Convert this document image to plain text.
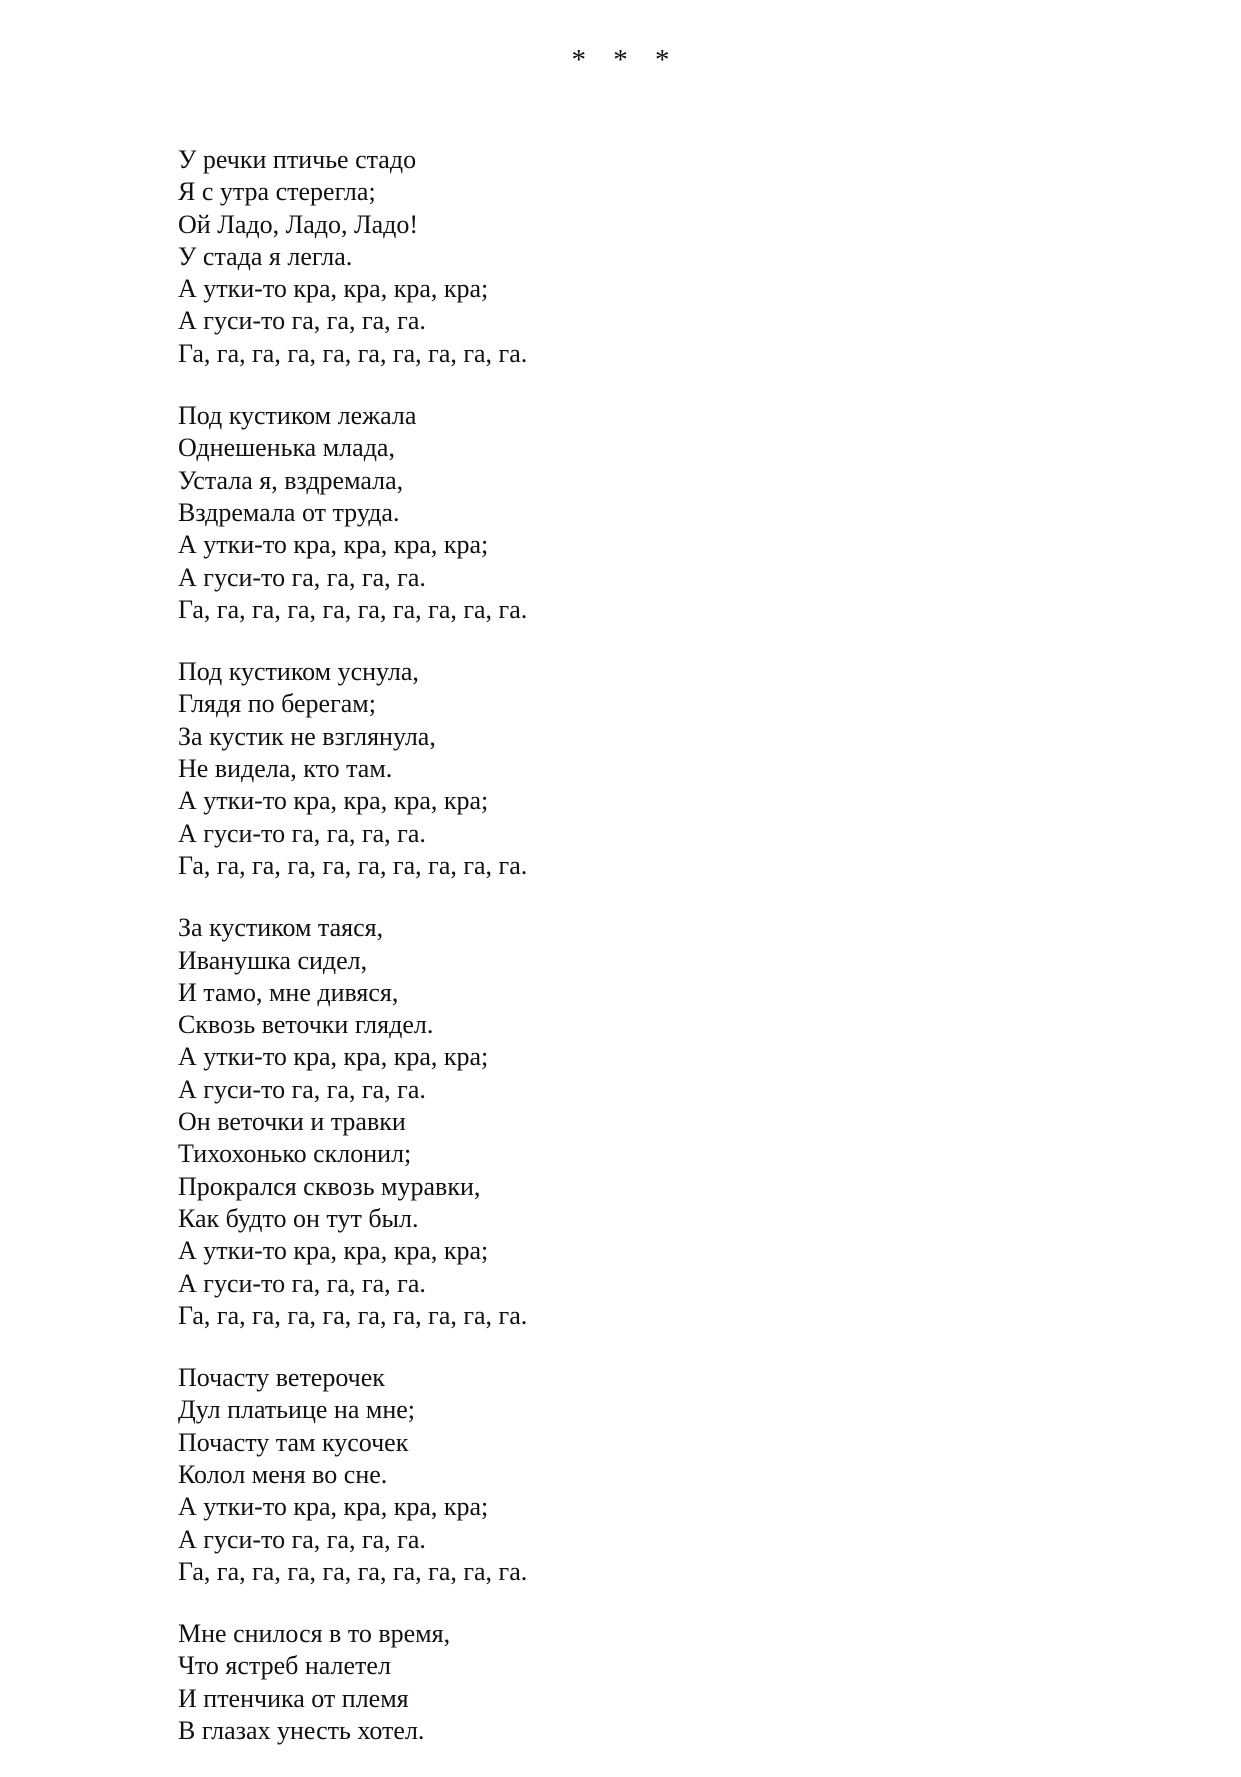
* * *
У речки птичье стадо
Я с утра стерегла;
Ой Ладо, Ладо, Ладо!
У стада я легла.
А утки-то кра, кра, кра, кра;
А гуси-то га, га, га, га.
Га, га, га, га, га, га, га, га, га, га.
Под кустиком лежала
Однешенька млада,
Устала я, вздремала,
Вздремала от труда.
А утки-то кра, кра, кра, кра;
А гуси-то га, га, га, га.
Га, га, га, га, га, га, га, га, га, га.
Под кустиком уснула,
Глядя по берегам;
За кустик не взглянула,
Не видела, кто там.
А утки-то кра, кра, кра, кра;
А гуси-то га, га, га, га.
Га, га, га, га, га, га, га, га, га, га.
За кустиком таяся,
Иванушка сидел,
И тамо, мне дивяся,
Сквозь веточки глядел.
А утки-то кра, кра, кра, кра;
А гуси-то га, га, га, га.
Он веточки и травки
Тихохонько склонил;
Прокрался сквозь муравки,
Как будто он тут был.
А утки-то кра, кра, кра, кра;
А гуси-то га, га, га, га.
Га, га, га, га, га, га, га, га, га, га.
Почасту ветерочек
Дул платьице на мне;
Почасту там кусочек
Колол меня во сне.
А утки-то кра, кра, кра, кра;
А гуси-то га, га, га, га.
Га, га, га, га, га, га, га, га, га, га.
Мне снилося в то время,
Что ястреб налетел
И птенчика от племя
В глазах унесть хотел.
